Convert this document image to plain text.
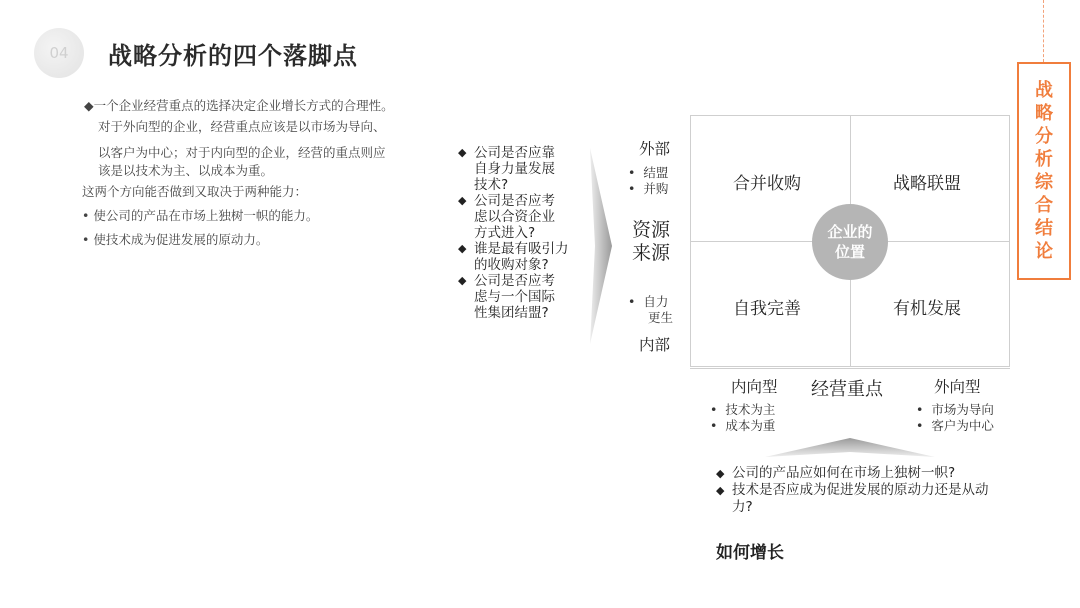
04 战略分析的四个落脚点
◆一个企业经营重点的选择决定企业增长方式的合理性。
对于外向型的企业，经营重点应该是以市场为导向、
以客户为中心；对于内向型的企业，经营的重点则应
该是以技术为主、以成本为重。
这两个方向能否做到又取决于两种能力：
• 使公司的产品在市场上独树一帜的能力。
• 使技术成为促进发展的原动力。
战
略
分
析
综
合
结
论
◆ 公司是否应靠自身力量发展技术?
◆ 公司是否应考虑以合资企业方式进入?
◆ 谁是最有吸引力的收购对象?
◆ 公司是否应考虑与一个国际性集团结盟?
外部
•  结盟
•  并购
资源
来源
•  自力
更生
内部
合并收购	战略联盟
自我完善	有机发展
企业的
位置
内向型 经营重点	外向型
•  技术为主
•  成本为重
•  市场为导向
•  客户为中心
◆ 公司的产品应如何在市场上独树一帜?
◆ 技术是否应成为促进发展的原动力还是从动力?
如何增长
